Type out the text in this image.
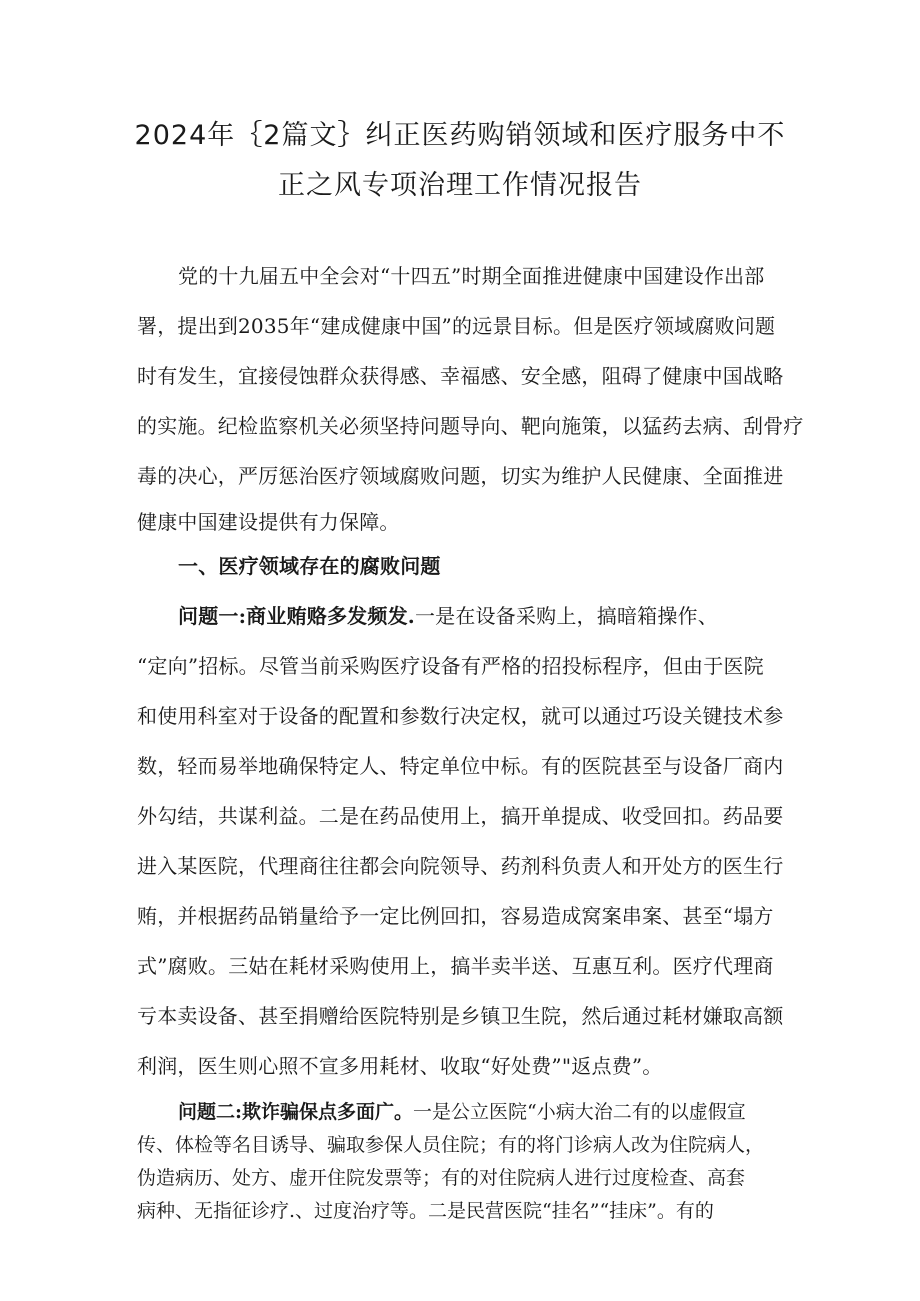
2024年｛2篇文｝纠正医药购销领域和医疗服务中不
正之风专项治理工作情况报告
党的十九届五中全会对“十四五”时期全面推进健康中国建设作出部
署，提出到2035年“建成健康中国”的远景目标。但是医疗领域腐败问题
时有发生，宜接侵蚀群众获得感、幸福感、安全感，阻碍了健康中国战略
的实施。纪检监察机关必须坚持问题导向、靶向施策，以猛药去病、刮骨疗
毒的决心，严厉惩治医疗领域腐败问题，切实为维护人民健康、全面推进
健康中国建设提供有力保障。
一、医疗领域存在的腐败问题
问题一:商业贿赂多发频发.一是在设备采购上，搞暗箱操作、
“定向”招标。尽管当前采购医疗设备有严格的招投标程序，但由于医院
和使用科室对于设备的配置和参数行决定权，就可以通过巧设关键技术参
数，轻而易举地确保特定人、特定单位中标。有的医院甚至与设备厂商内
外勾结，共谋利益。二是在药品使用上，搞开单提成、收受回扣。药品要
进入某医院，代理商往往都会向院领导、药剂科负责人和开处方的医生行
贿，并根据药品销量给予一定比例回扣，容易造成窝案串案、甚至“塌方
式”腐败。三姑在耗材采购使用上，搞半卖半送、互惠互利。医疗代理商
亏本卖设备、甚至捐赠给医院特别是乡镇卫生院，然后通过耗材嫌取高额
利润，医生则心照不宣多用耗材、收取“好处费”"返点费”。
问题二:欺诈骗保点多面广。一是公立医院“小病大治二有的以虚假宣
传、体检等名目诱导、骗取参保人员住院；有的将门诊病人改为住院病人，
伪造病历、处方、虚开住院发票等；有的对住院病人进行过度检查、高套
病种、无指征诊疗.、过度治疗等。二是民营医院“挂名”“挂床”。有的
